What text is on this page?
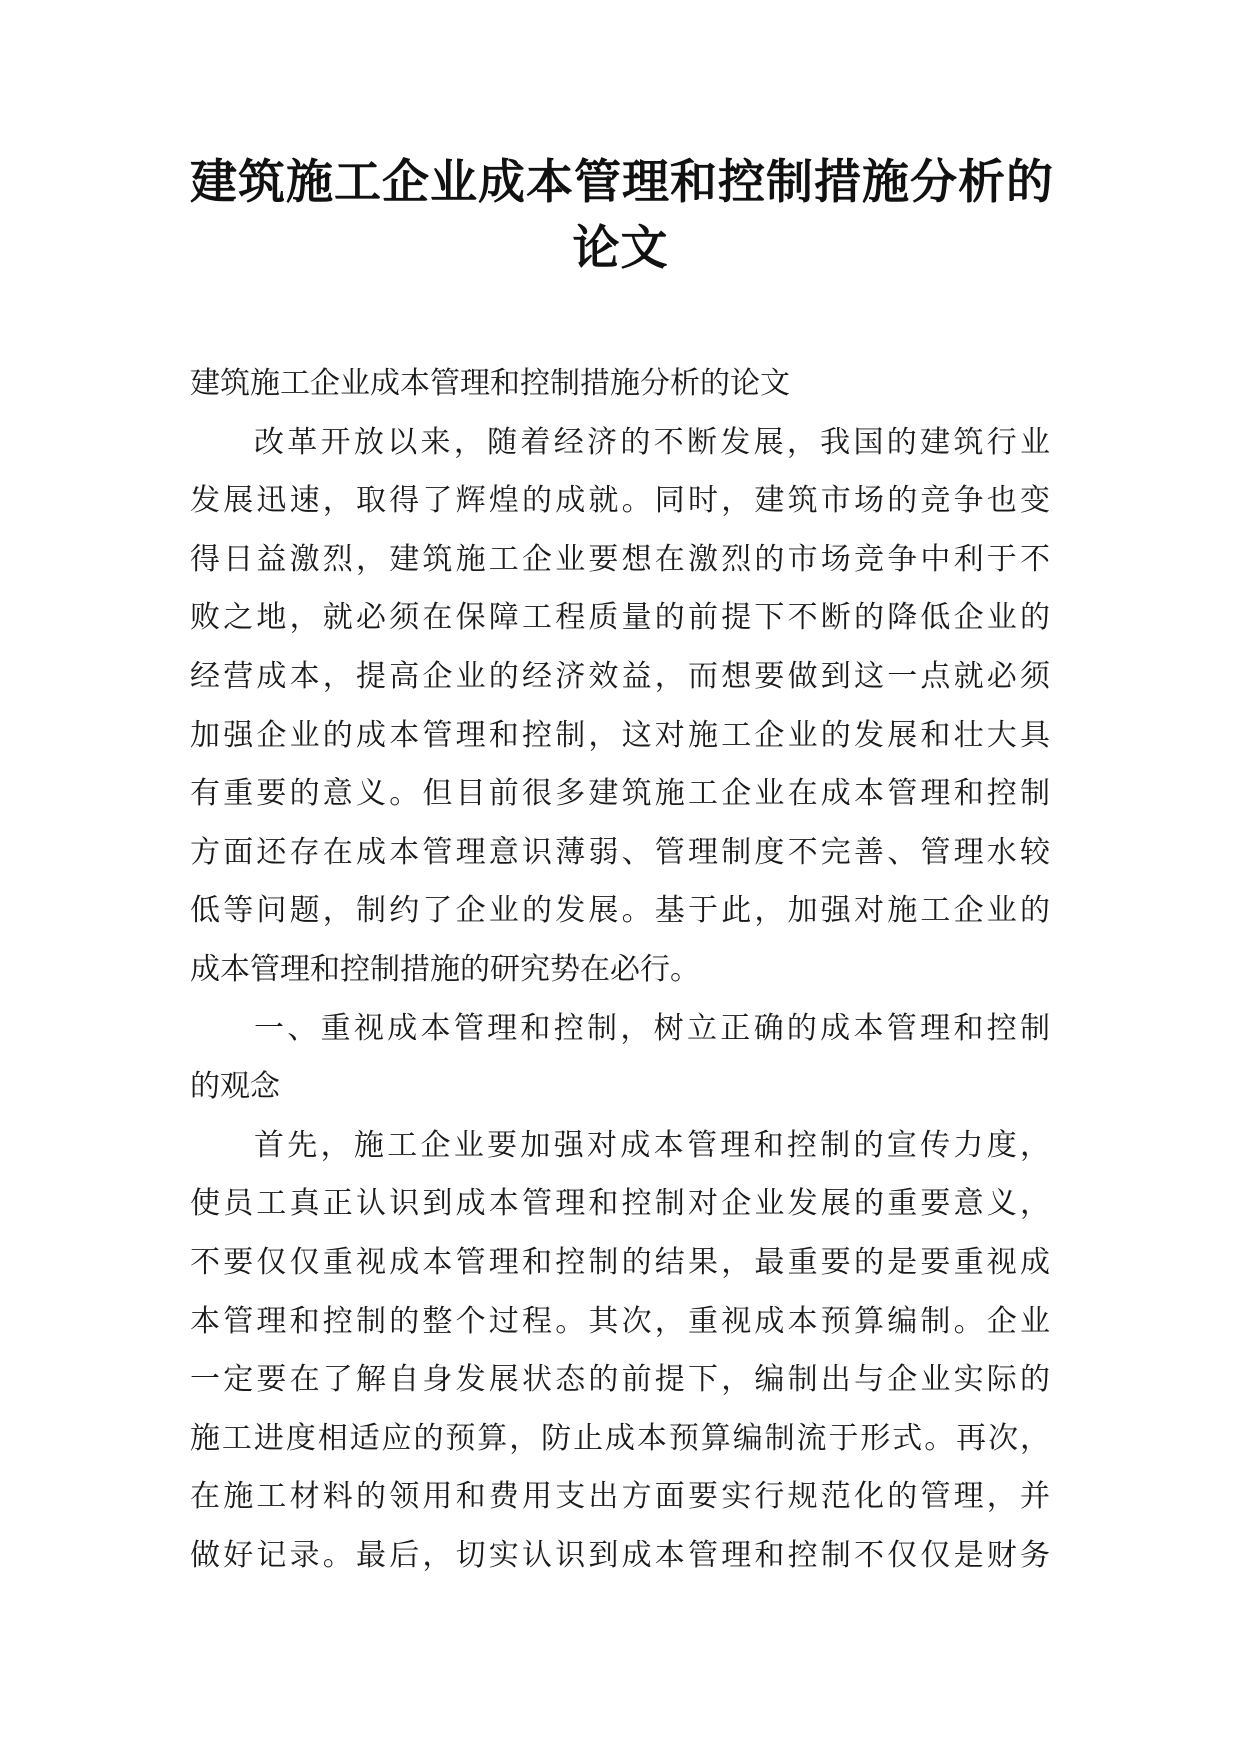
建筑施工企业成本管理和控制措施分析的
论文

建筑施工企业成本管理和控制措施分析的论文

改革开放以来，随着经济的不断发展，我国的建筑行业
发展迅速，取得了辉煌的成就。同时，建筑市场的竞争也变
得日益激烈，建筑施工企业要想在激烈的市场竞争中利于不
败之地，就必须在保障工程质量的前提下不断的降低企业的
经营成本，提高企业的经济效益，而想要做到这一点就必须
加强企业的成本管理和控制，这对施工企业的发展和壮大具
有重要的意义。但目前很多建筑施工企业在成本管理和控制
方面还存在成本管理意识薄弱、管理制度不完善、管理水较
低等问题，制约了企业的发展。基于此，加强对施工企业的
成本管理和控制措施的研究势在必行。

一、重视成本管理和控制，树立正确的成本管理和控制
的观念

首先，施工企业要加强对成本管理和控制的宣传力度，
使员工真正认识到成本管理和控制对企业发展的重要意义，
不要仅仅重视成本管理和控制的结果，最重要的是要重视成
本管理和控制的整个过程。其次，重视成本预算编制。企业
一定要在了解自身发展状态的前提下，编制出与企业实际的
施工进度相适应的预算，防止成本预算编制流于形式。再次，
在施工材料的领用和费用支出方面要实行规范化的管理，并
做好记录。最后，切实认识到成本管理和控制不仅仅是财务
